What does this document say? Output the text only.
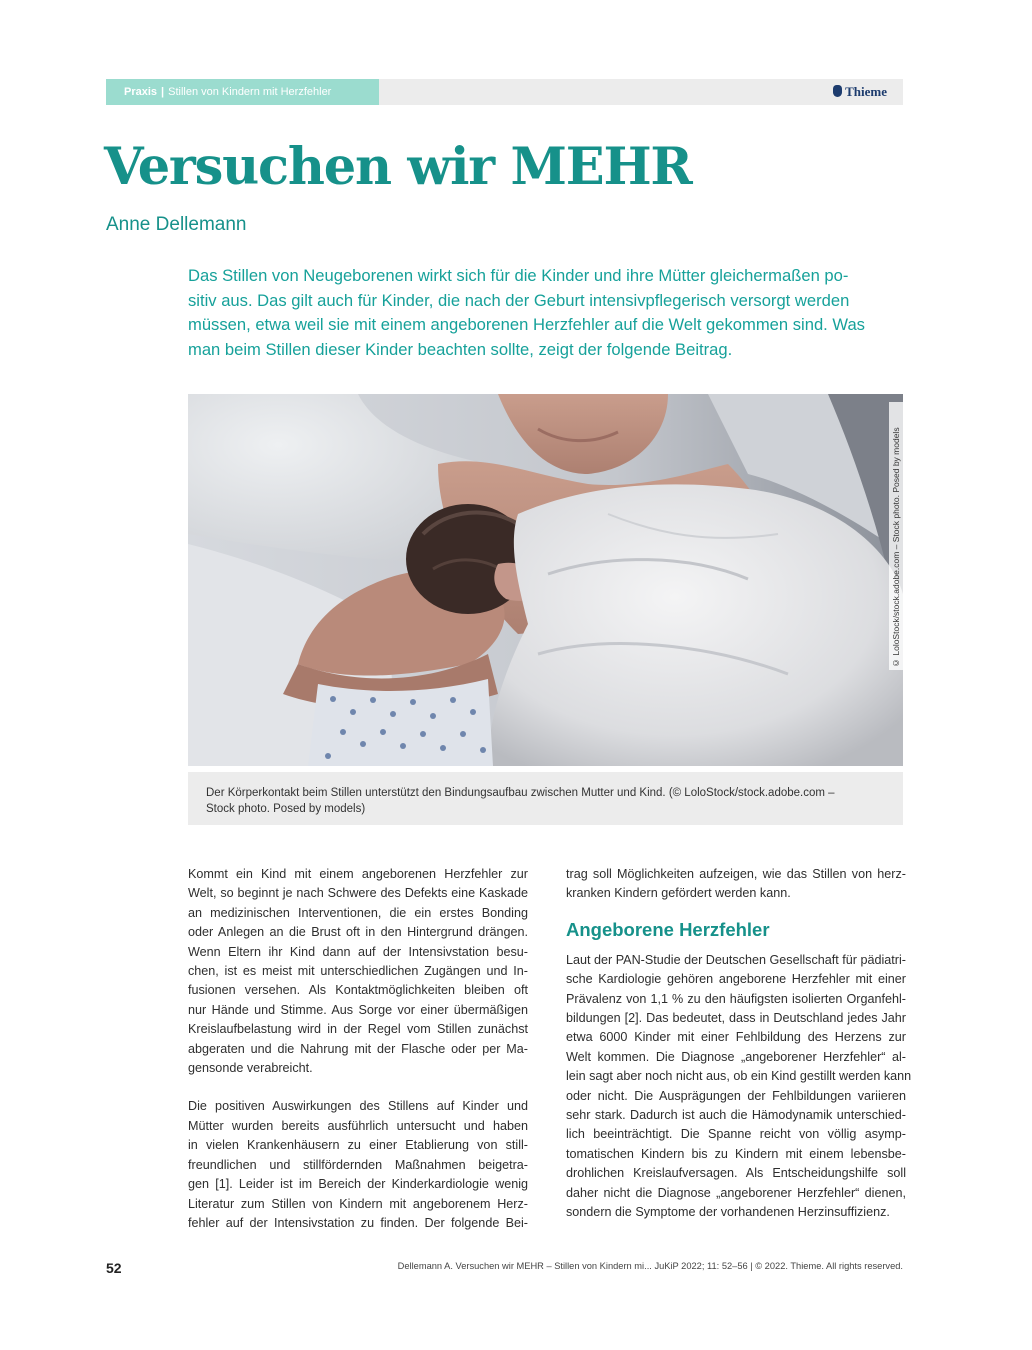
Praxis | Stillen von Kindern mit Herzfehler	Thieme
Versuchen wir MEHR
Anne Dellemann
Das Stillen von Neugeborenen wirkt sich für die Kinder und ihre Mütter gleichermaßen po-
sitiv aus. Das gilt auch für Kinder, die nach der Geburt intensivpflegerisch versorgt werden
müssen, etwa weil sie mit einem angeborenen Herzfehler auf die Welt gekommen sind. Was
man beim Stillen dieser Kinder beachten sollte, zeigt der folgende Beitrag.
© LoloStock/stock.adobe.com – Stock photo. Posed by models
Der Körperkontakt beim Stillen unterstützt den Bindungsaufbau zwischen Mutter und Kind. (© LoloStock/stock.adobe.com –
Stock photo. Posed by models)
Kommt ein Kind mit einem angeborenen Herzfehler zur
Welt, so beginnt je nach Schwere des Defekts eine Kaskade
an medizinischen Interventionen, die ein erstes Bonding
oder Anlegen an die Brust oft in den Hintergrund drängen.
Wenn Eltern ihr Kind dann auf der Intensivstation besu-
chen, ist es meist mit unterschiedlichen Zugängen und In-
fusionen versehen. Als Kontaktmöglichkeiten bleiben oft
nur Hände und Stimme. Aus Sorge vor einer übermäßigen
Kreislaufbelastung wird in der Regel vom Stillen zunächst
abgeraten und die Nahrung mit der Flasche oder per Ma-
gensonde verabreicht.
Die positiven Auswirkungen des Stillens auf Kinder und
Mütter wurden bereits ausführlich untersucht und haben
in vielen Krankenhäusern zu einer Etablierung von still-
freundlichen und stillfördernden Maßnahmen beigetra-
gen [1]. Leider ist im Bereich der Kinderkardiologie wenig
Literatur zum Stillen von Kindern mit angeborenem Herz-
fehler auf der Intensivstation zu finden. Der folgende Bei-
trag soll Möglichkeiten aufzeigen, wie das Stillen von herz-
kranken Kindern gefördert werden kann.
Angeborene Herzfehler
Laut der PAN-Studie der Deutschen Gesellschaft für pädiatri-
sche Kardiologie gehören angeborene Herzfehler mit einer
Prävalenz von 1,1 % zu den häufigsten isolierten Organfehl-
bildungen [2]. Das bedeutet, dass in Deutschland jedes Jahr
etwa 6000 Kinder mit einer Fehlbildung des Herzens zur
Welt kommen. Die Diagnose „angeborener Herzfehler“ al-
lein sagt aber noch nicht aus, ob ein Kind gestillt werden kann
oder nicht. Die Ausprägungen der Fehlbildungen variieren
sehr stark. Dadurch ist auch die Hämodynamik unterschied-
lich beeinträchtigt. Die Spanne reicht von völlig asymp-
tomatischen Kindern bis zu Kindern mit einem lebensbe-
drohlichen Kreislaufversagen. Als Entscheidungshilfe soll
daher nicht die Diagnose „angeborener Herzfehler“ dienen,
sondern die Symptome der vorhandenen Herzinsuffizienz.
52	Dellemann A. Versuchen wir MEHR – Stillen von Kindern mi... JuKiP 2022; 11: 52–56 | © 2022. Thieme. All rights reserved.
